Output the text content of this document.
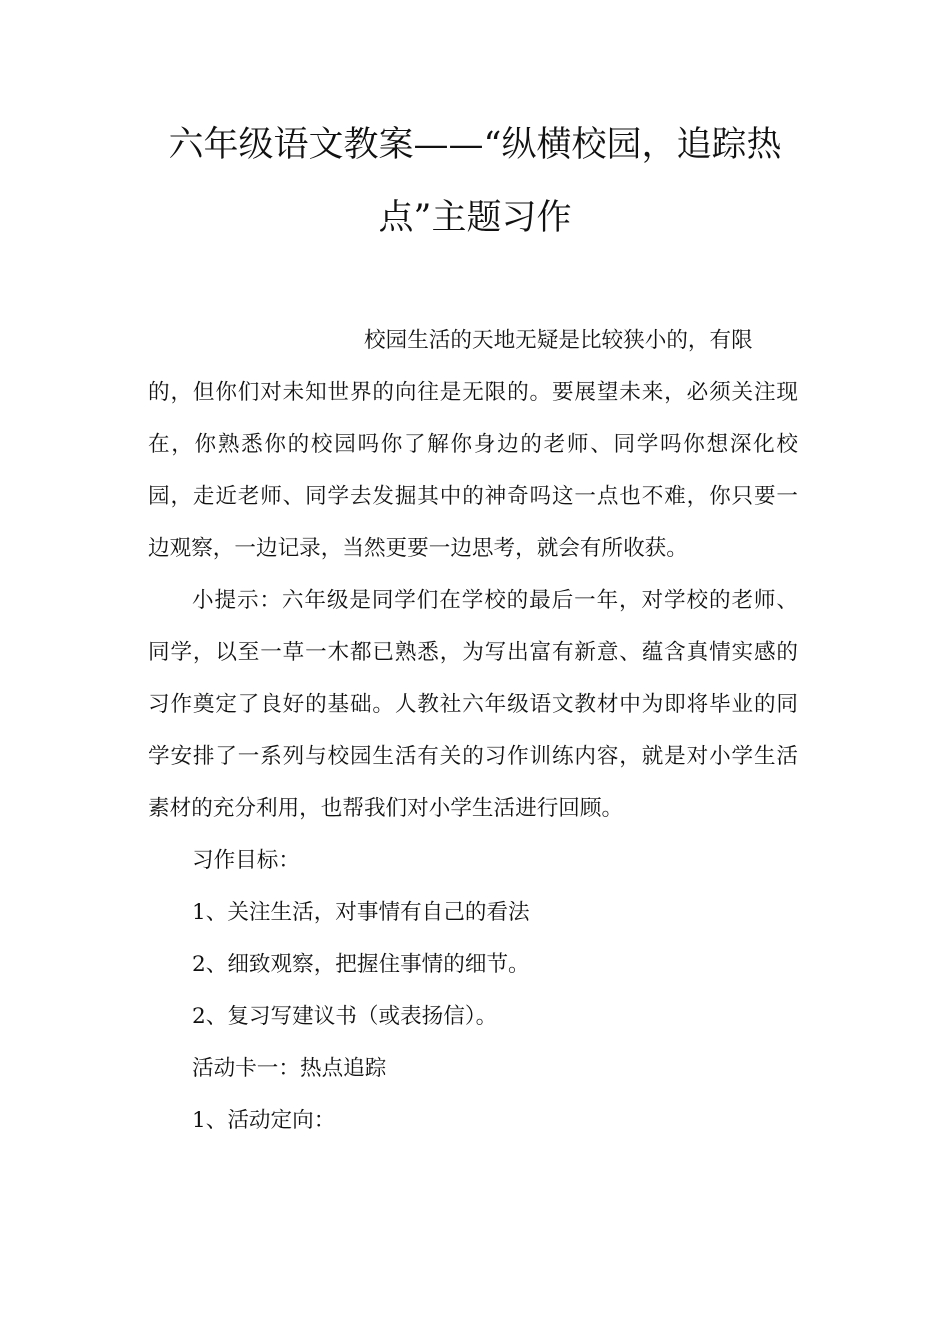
六年级语文教案——“纵横校园，追踪热
点”主题习作
校园生活的天地无疑是比较狭小的，有限
的，但你们对未知世界的向往是无限的。要展望未来，必须关注现
在，你熟悉你的校园吗你了解你身边的老师、同学吗你想深化校
园，走近老师、同学去发掘其中的神奇吗这一点也不难，你只要一
边观察，一边记录，当然更要一边思考，就会有所收获。
小提示：六年级是同学们在学校的最后一年，对学校的老师、
同学，以至一草一木都已熟悉，为写出富有新意、蕴含真情实感的
习作奠定了良好的基础。人教社六年级语文教材中为即将毕业的同
学安排了一系列与校园生活有关的习作训练内容，就是对小学生活
素材的充分利用，也帮我们对小学生活进行回顾。
习作目标：
1、关注生活，对事情有自己的看法
2、细致观察，把握住事情的细节。
2、复习写建议书（或表扬信）。
活动卡一：热点追踪
1、活动定向：
